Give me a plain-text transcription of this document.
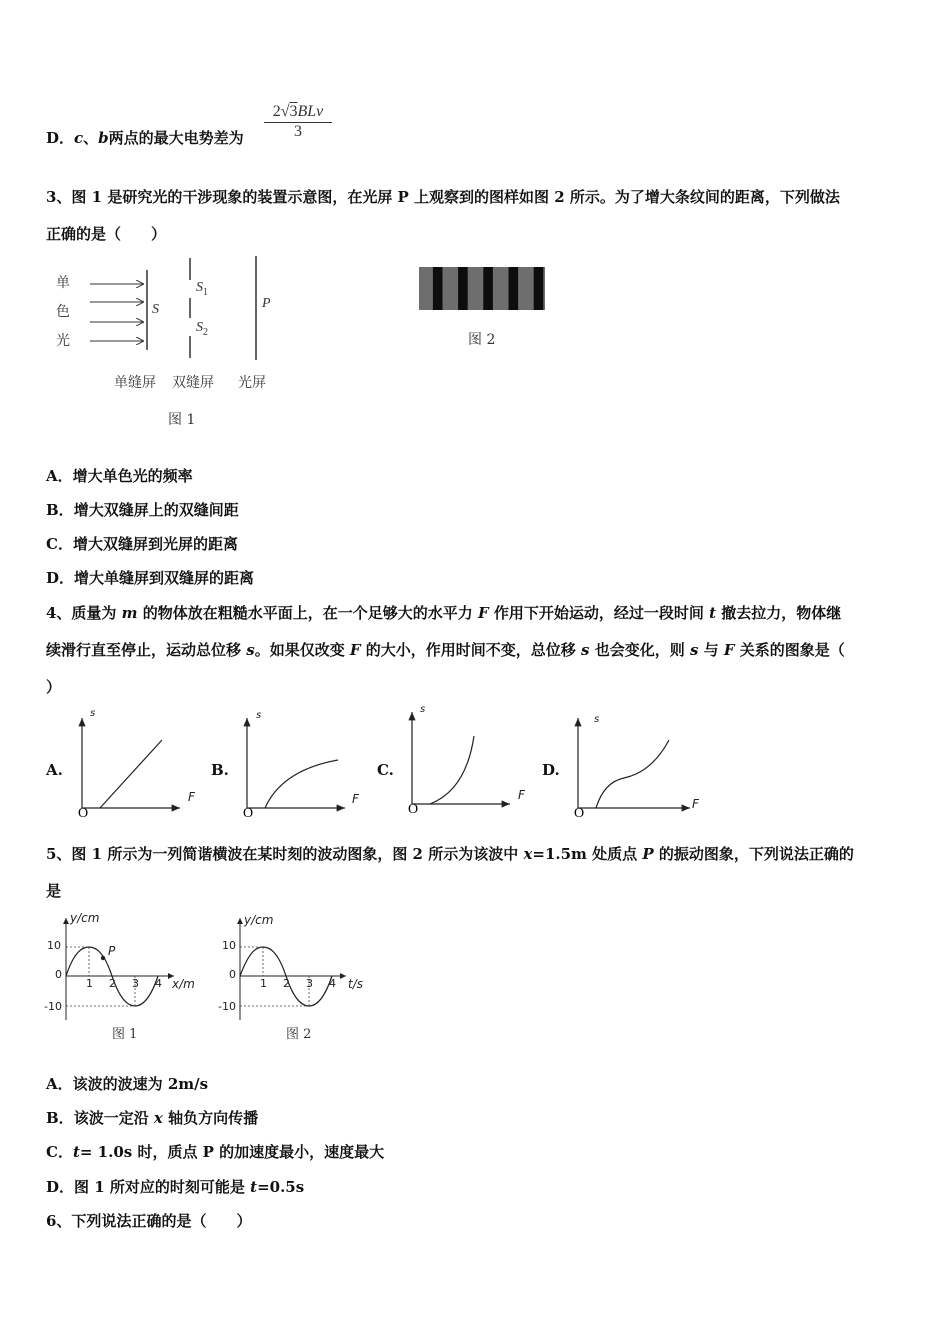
D．c、b两点的最大电势差为
2√3BLv
3
3、图 1 是研究光的干涉现象的装置示意图，在光屏 P 上观察到的图样如图 2 所示。为了增大条纹间的距离，下列做法
正确的是（　　）
单
色
光
S
$S_1$
$S_2$
P
单缝屏 双缝屏 光屏
图 1
图 2
A．增大单色光的频率
B．增大双缝屏上的双缝间距
C．增大双缝屏到光屏的距离
D．增大单缝屏到双缝屏的距离
4、质量为 m 的物体放在粗糙水平面上，在一个足够大的水平力 F 作用下开始运动，经过一段时间 t 撤去拉力，物体继
续滑行直至停止，运动总位移 s。如果仅改变 F 的大小，作用时间不变，总位移 s 也会变化，则 s 与 F 关系的图象是（
）
A.	B.	C.	D.
O	O	O	O
s
F
s
F
s
F
s
F
5、图 1 所示为一列简谐横波在某时刻的波动图象，图 2 所示为该波中 x=1.5m 处质点 P 的振动图象，下列说法正确的
是
y/cm
10
0
-10
1 2 3 4 x/m
P
图 1
y/cm
10
0
-10
1 2 3 4 t/s
图 2
A．该波的波速为 2m/s
B．该波一定沿 x 轴负方向传播
C．t= 1.0s 时，质点 P 的加速度最小，速度最大
D．图 1 所对应的时刻可能是 t=0.5s
6、下列说法正确的是（　　）
